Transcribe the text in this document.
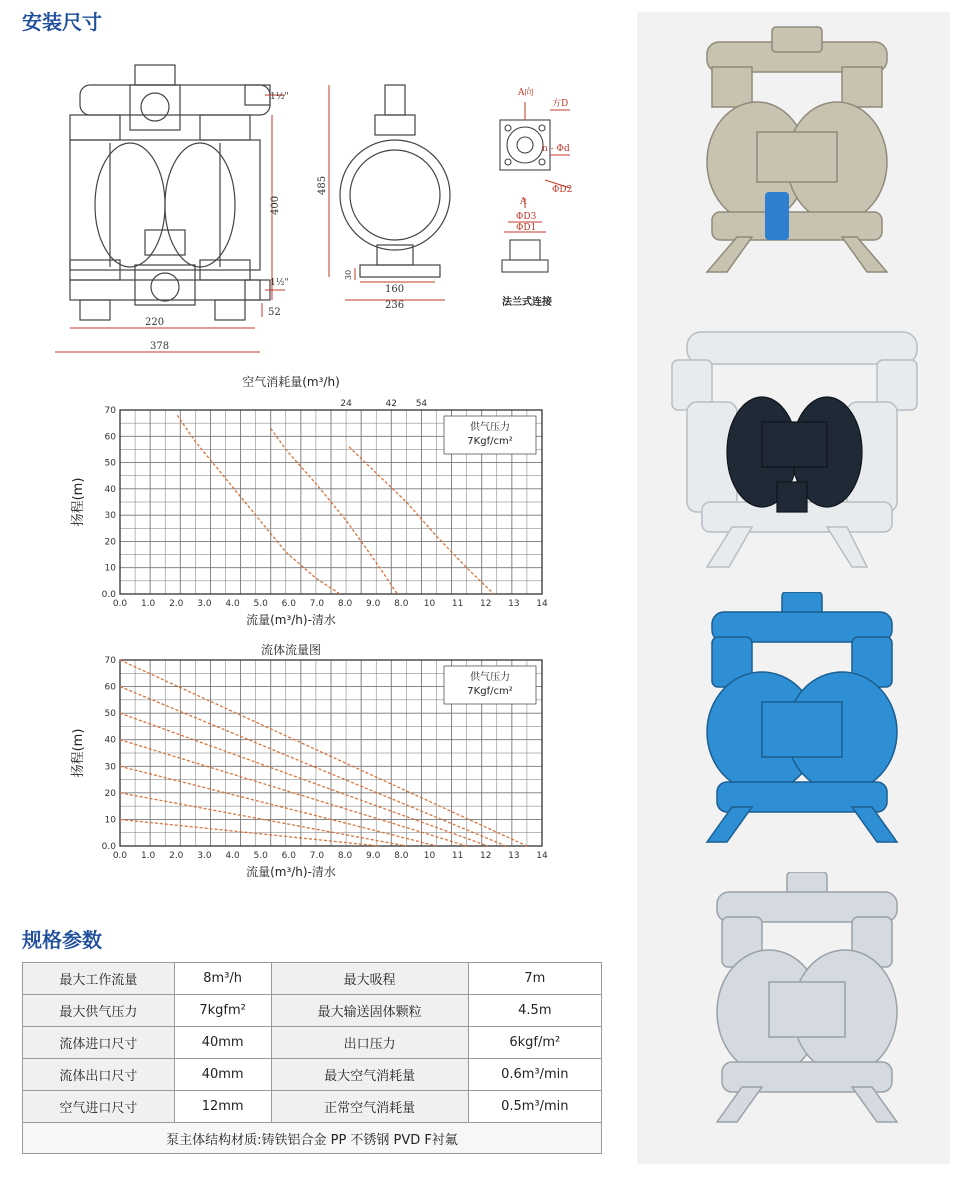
安装尺寸
220
378
400
52
1½"
1½"
485
30
160
236
A向
方D
n - Φd
ΦD2
A
ΦD3
ΦD1
法兰式连接
0.0 1.0 2.0 3.0 4.0 5.0 6.0 7.0 8.0 9.0 8.0 10 11 12 13 14
0.0
10
20
30
40
50
60
70
流量(m³/h)-清水
扬程(m)
供气压力
7Kgf/cm²
空气消耗量(m³/h)
24	42 54
0.0 1.0 2.0 3.0 4.0 5.0 6.0 7.0 8.0 9.0 8.0 10 11 12 13 14
0.0
10
20
30
40
50
60
70
流量(m³/h)-清水
扬程(m)
供气压力
7Kgf/cm²
流体流量图
规格参数
最大工作流量	8m³/h	最大吸程	7m
最大供气压力	7kgfm²	最大输送固体颗粒	4.5m
流体进口尺寸	40mm	出口压力	6kgf/m²
流体出口尺寸	40mm	最大空气消耗量	0.6m³/min
空气进口尺寸	12mm	正常空气消耗量	0.5m³/min
泵主体结构材质:铸铁铝合金 PP 不锈钢 PVD F衬氟			
